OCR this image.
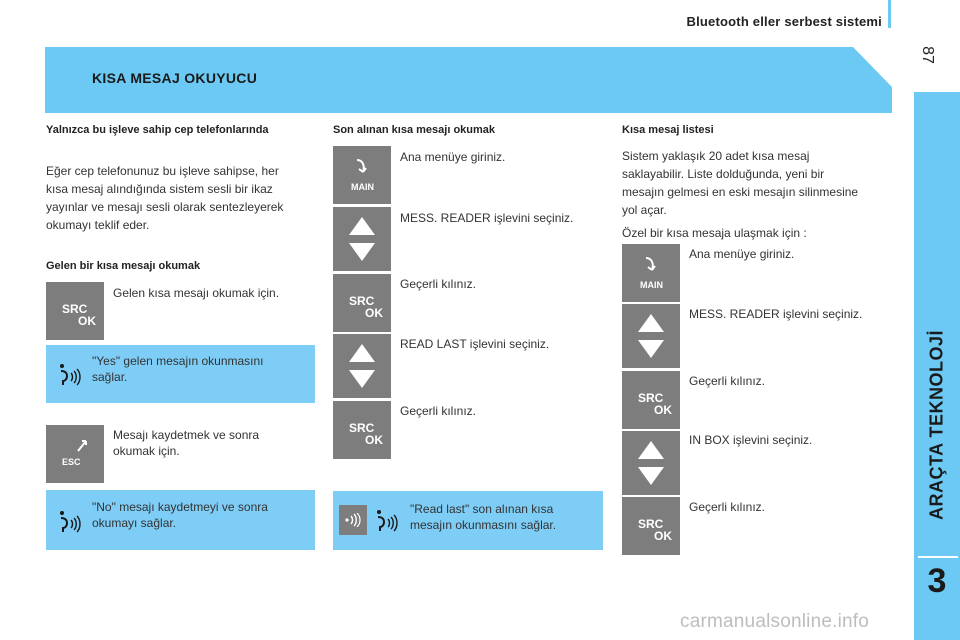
Bluetooth eller serbest sistemi
87
ARAÇTA TEKNOLOJİ
3
KISA MESAJ OKUYUCU
Yalnızca bu işleve sahip cep telefonlarında
Eğer cep telefonunuz bu işleve sahipse, her
kısa mesaj alındığında sistem sesli bir ikaz
yayınlar ve mesajı sesli olarak sentezleyerek
okumayı teklif eder.
Gelen bir kısa mesajı okumak
SRC
OK
Gelen kısa mesajı okumak için.
"Yes" gelen mesajın okunmasını
sağlar.
ESC
Mesajı kaydetmek ve sonra
okumak için.
"No" mesajı kaydetmeyi ve sonra
okumayı sağlar.
Son alınan kısa mesajı okumak
MAIN
Ana menüye giriniz.
MESS. READER işlevini seçiniz.
SRC
OK
Geçerli kılınız.
READ LAST işlevini seçiniz.
SRC
OK
Geçerli kılınız.
"Read last" son alınan kısa
mesajın okunmasını sağlar.
Kısa mesaj listesi
Sistem yaklaşık 20 adet kısa mesaj
saklayabilir. Liste dolduğunda, yeni bir
mesajın gelmesi en eski mesajın silinmesine
yol açar.
Özel bir kısa mesaja ulaşmak için :
MAIN
Ana menüye giriniz.
MESS. READER işlevini seçiniz.
SRC
OK
Geçerli kılınız.
IN BOX işlevini seçiniz.
SRC
OK
Geçerli kılınız.
carmanualsonline.info
